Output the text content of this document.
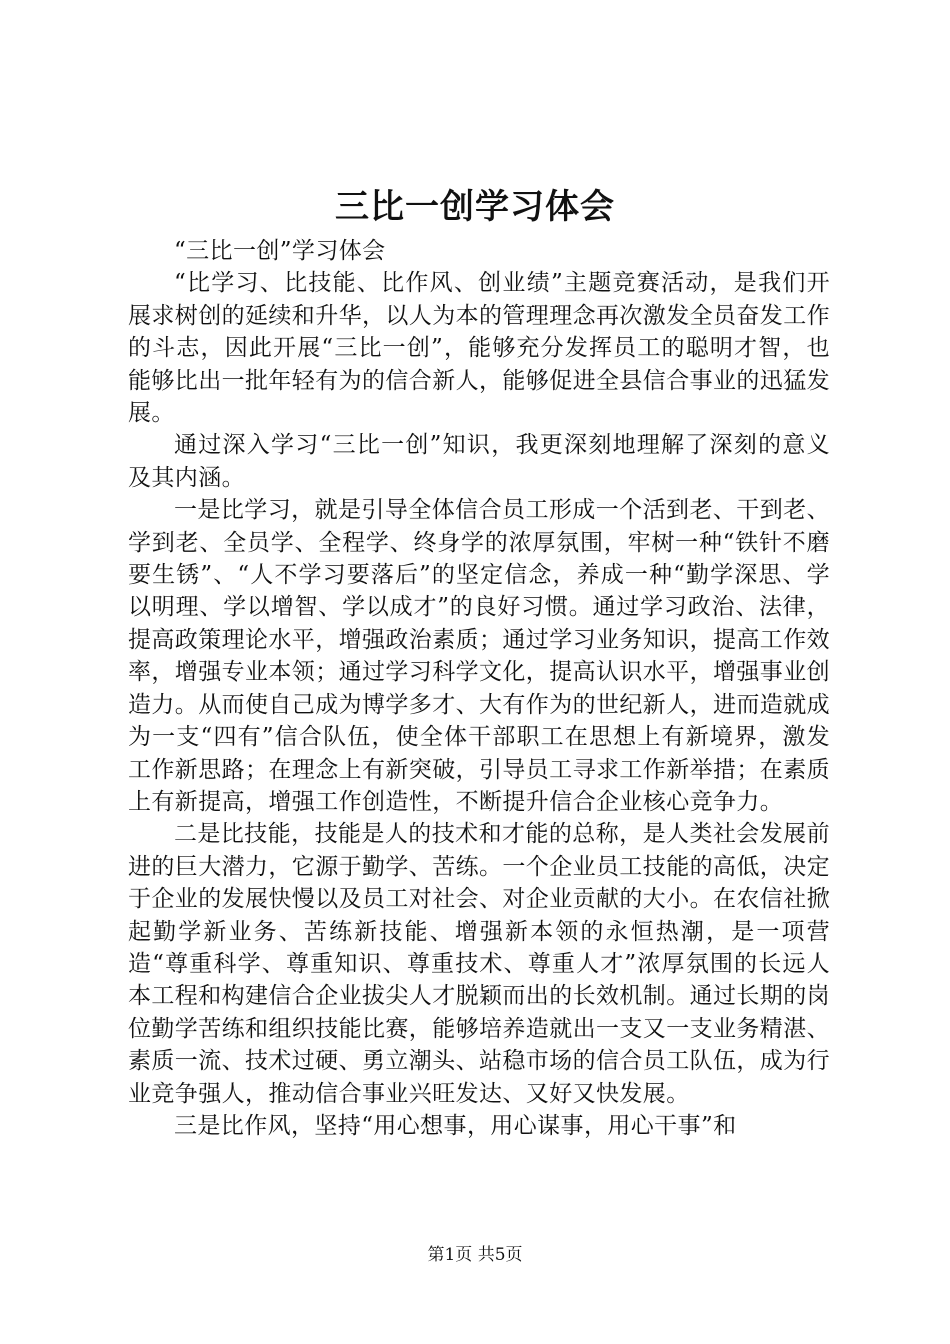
三比一创学习体会

“三比一创”学习体会

“比学习、比技能、比作风、创业绩”主题竞赛活动，是我们开展求树创的延续和升华，以人为本的管理理念再次激发全员奋发工作的斗志，因此开展“三比一创”，能够充分发挥员工的聪明才智，也能够比出一批年轻有为的信合新人，能够促进全县信合事业的迅猛发展。

通过深入学习“三比一创”知识，我更深刻地理解了深刻的意义及其内涵。

一是比学习，就是引导全体信合员工形成一个活到老、干到老、学到老、全员学、全程学、终身学的浓厚氛围，牢树一种“铁针不磨要生锈”、“人不学习要落后”的坚定信念，养成一种“勤学深思、学以明理、学以增智、学以成才”的良好习惯。通过学习政治、法律，提高政策理论水平，增强政治素质；通过学习业务知识，提高工作效率，增强专业本领；通过学习科学文化，提高认识水平，增强事业创造力。从而使自己成为博学多才、大有作为的世纪新人，进而造就成为一支“四有”信合队伍，使全体干部职工在思想上有新境界，激发工作新思路；在理念上有新突破，引导员工寻求工作新举措；在素质上有新提高，增强工作创造性，不断提升信合企业核心竞争力。

二是比技能，技能是人的技术和才能的总称，是人类社会发展前进的巨大潜力，它源于勤学、苦练。一个企业员工技能的高低，决定于企业的发展快慢以及员工对社会、对企业贡献的大小。在农信社掀起勤学新业务、苦练新技能、增强新本领的永恒热潮，是一项营造“尊重科学、尊重知识、尊重技术、尊重人才”浓厚氛围的长远人本工程和构建信合企业拔尖人才脱颖而出的长效机制。通过长期的岗位勤学苦练和组织技能比赛，能够培养造就出一支又一支业务精湛、素质一流、技术过硬、勇立潮头、站稳市场的信合员工队伍，成为行业竞争强人，推动信合事业兴旺发达、又好又快发展。

三是比作风，坚持“用心想事，用心谋事，用心干事”和

第1页 共5页
